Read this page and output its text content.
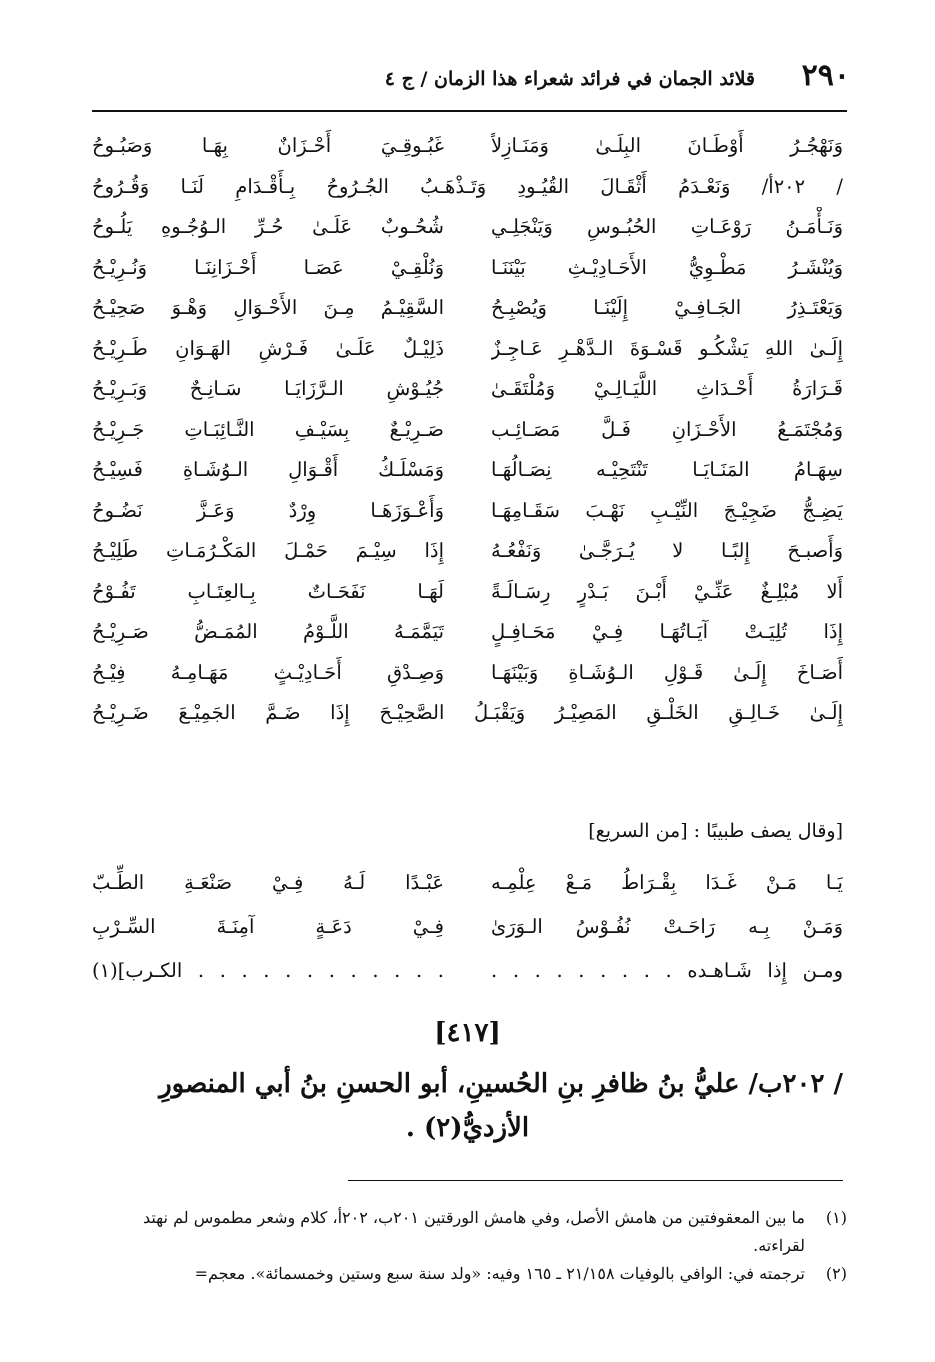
٢٩٠
قلائد الجمان في فرائد شعراء هذا الزمان / ج ٤
وَنَهْجُـرُ أَوْطَـانَ البِلَـىٰ وَمَنَـازِلاً
غَبُـوقِـيَ أَحْـزَانٌ بِهَـا وَصَبُـوحُ
/ ٢٠٢أ/ وَنَعْـدَمُ أَثْقَـالَ القُيُـودِ وَتَـذْهَـبُ الجُـرُوحُ بِـأَقْـدَامِ لَنَـا وَقُـرُوحُ
وَنَـأْمَـنُ رَوْعَـاتِ الحُبُـوسِ وَيَنْجَلِـي
شُحُـوبٌ عَلَـىٰ حُـرِّ الـوُجُـوهِ يَلُـوحُ
وَيُنْشَـرُ مَطْـوِيُّ الأَحَـادِيْـثِ بَيْنَنَـا
وَنُلْقِـيْ عَصَـا أَحْـزَانِنَـا وَنُـرِيْـحُ
وَيَعْتَـذِرُ الجَـافِـيْ إِلَيْنَـا وَيُصْبِـحُ
السَّقِيْـمُ مِـنَ الأَحْـوَالِ وَهْـوَ صَحِيْـحُ
إِلَـىٰ اللهِ يَشْكُـو قَسْـوَةَ الـدَّهْـرِ عَـاجِـزٌ
ذَلِيْـلٌ عَلَـىٰ فَـرْشِ الهَـوَانِ طَـرِيْـحُ
قَـرَارَةُ أَحْـدَاثِ اللَّيَـالِـيْ وَمُلْتَقَـىٰ
جُيُـوْشِ الـرَّزَايَـا سَـانِـحٌ وَبَـرِيْـحُ
وَمُجْتَمَـعُ الأَحْـزَانِ فَـلَّ مَصَـائِـب
صَـرِيْـعٌ بِسَيْـفِ النَّـائِبَـاتِ جَـرِيْـحُ
سِهَـامُ المَنَـايَـا تَنْتَحِيْـه نِصَـالُهَـا
وَمَسْلَـكُ أَقْـوَالِ الـوُشَـاةِ فَسِيْـحُ
يَضِـجُّ ضَجِيْـجَ النِّيْـبِ نَهْـبَ سَقَـامِهَـا
وَأَعْـوَزَهَـا وِرْدٌ وَعَـزَّ نَضُـوحُ
وَأَصبـحَ إِلبًـا لا يُـرَجَّـىٰ وَنَفْعُـهُ
إِذَا سِيْـمَ حَمْـلَ المَكْـرُمَـاتِ طَلِيْـحُ
أَلا مُبْلِـغٌ عَنِّـيْ أَبْـنَ بَـدْرٍ رِسَـالَـةً
لَهَـا نَفَحَـاتٌ بِـالعِتَـابِ تَفُـوْحُ
إِذَا تُلِيَـتْ آيَـاتُهَـا فِـيْ مَحَـافِـلٍ
تَيَمَّمَـهُ اللَّـوْمُ المُمَـضُّ صَـرِيْـحُ
أَصَـاخَ إِلَـىٰ قَـوْلِ الـوُشَـاةِ وَبَيْنَهَـا
وَصِـدْقِ أَحَـادِيْـثٍ مَهَـامِـهُ فِيْـحُ
إِلَـىٰ خَـالِـقِ الخَلْـقِ المَصِيْـرُ وَيَقْبَـلُ الصَّحِيْـحَ إِذَا ضَـمَّ الجَمِيْـعَ ضَـرِيْـحُ
[وقال يصف طبيبًا : [من السريع]
يَـا مَـنْ غَـدَا بِقْـرَاطُ مَـعْ عِلْمِـه
عَبْـدًا لَـهُ فِـيْ صَنْعَـةِ الطِّـبّ
وَمَـنْ بِـه رَاحَـتْ نُفُـوْسُ الـوَرَىٰ
فِـيْ دَعَـةٍ آمِنَـةَ السِّـرْبِ
ومـن إِذا شَـاهـده . . . . . . . . .
. . . . . . . . . . . . الكـرب](١)
[٤١٧]
/ ٢٠٢ب/ عليُّ بنُ ظافرِ بنِ الحُسينِ، أبو الحسنِ بنُ أبي المنصورِ
الأزديُّ(٢) .
(١)
ما بين المعقوفتين من هامش الأصل، وفي هامش الورقتين ٢٠١ب، ٢٠٢أ، كلام وشعر مطموس لم نهتد لقراءته.
(٢)
ترجمته في: الوافي بالوفيات ٢١/١٥٨ ـ ١٦٥ وفيه: «ولد سنة سبع وستين وخمسمائة». معجم=
